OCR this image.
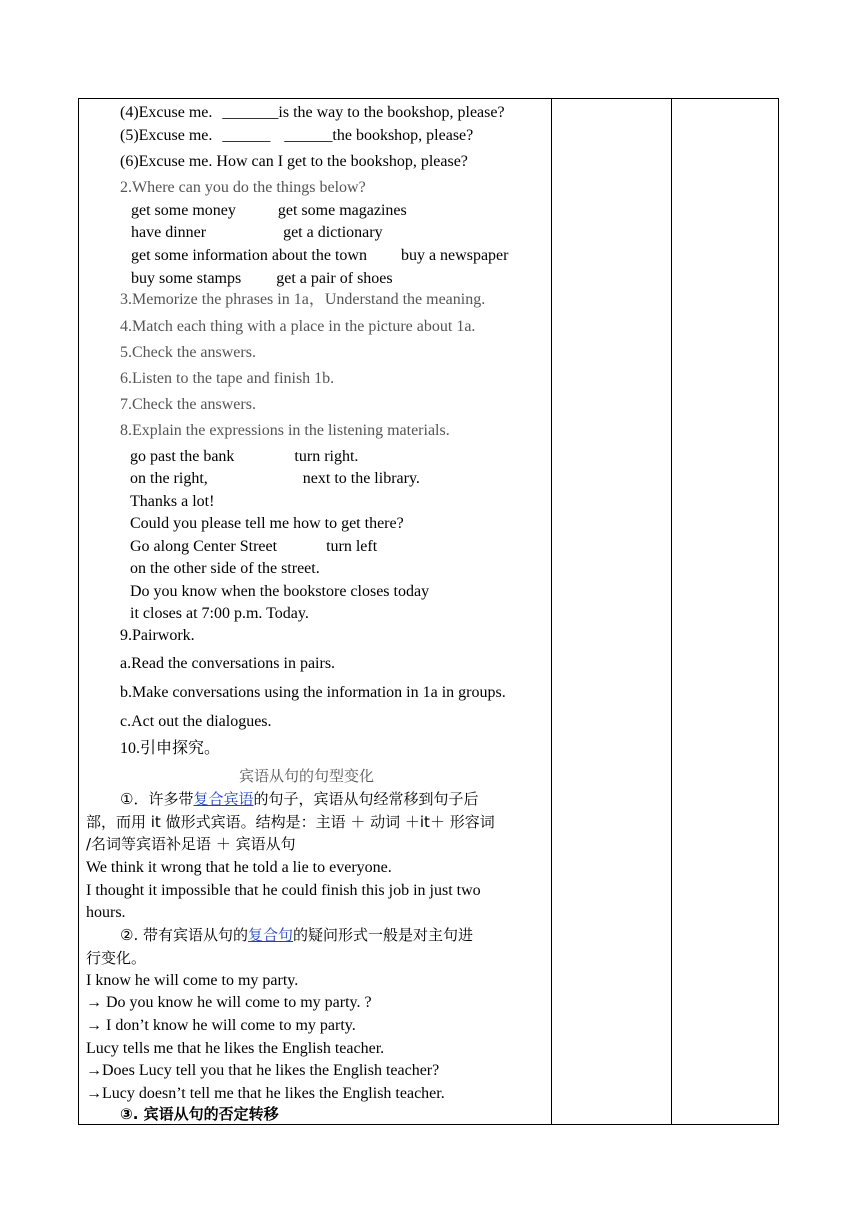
(4)Excuse me. _______is the way to the bookshop, please?
(5)Excuse me. ______ ______the bookshop, please?
(6)Excuse me. How can I get to the bookshop, please?
2.Where can you do the things below?
get some money	get some magazines
have dinner	get a dictionary
get some information about the town buy a newspaper
buy some stamps get a pair of shoes
3.Memorize the phrases in 1a，Understand the meaning.
4.Match each thing with a place in the picture about 1a.
5.Check the answers.
6.Listen to the tape and finish 1b.
7.Check the answers.
8.Explain the expressions in the listening materials.
go past the bank	turn right.
on the right,	next to the library.
Thanks a lot!
Could you please tell me how to get there?
Go along Center Street	turn left
on the other side of the street.
Do you know when the bookstore closes today
it closes at 7:00 p.m. Today.
9.Pairwork.
a.Read the conversations in pairs.
b.Make conversations using the information in 1a in groups.
c.Act out the dialogues.
10.引申探究。
宾语从句的句型变化
①．许多带复合宾语的句子，宾语从句经常移到句子后
部，而用 it 做形式宾语。结构是：主语 ＋ 动词 ＋it＋ 形容词
/名词等宾语补足语 ＋ 宾语从句
We think it wrong that he told a lie to everyone.
I thought it impossible that he could finish this job in just two
hours.
②. 带有宾语从句的复合句的疑问形式一般是对主句进
行变化。
I know he will come to my party.
→ Do you know he will come to my party. ?
→ I don’t know he will come to my party.
Lucy tells me that he likes the English teacher.
→Does Lucy tell you that he likes the English teacher?
→Lucy doesn’t tell me that he likes the English teacher.
③. 宾语从句的否定转移
